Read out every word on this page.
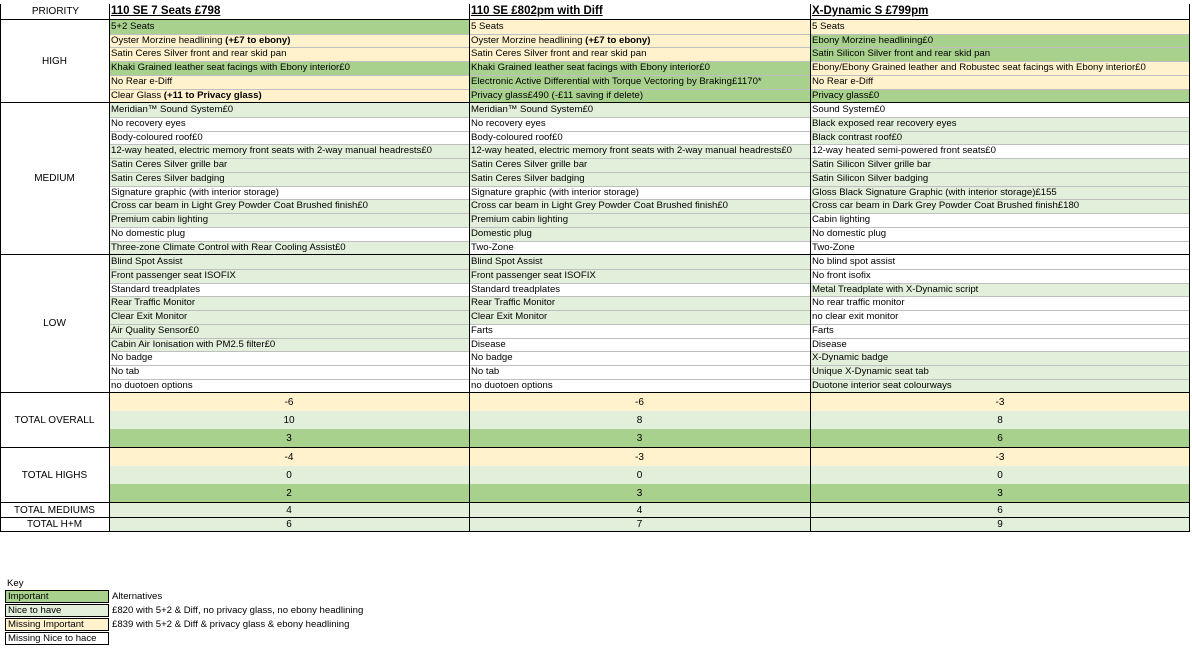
PRIORITY	110 SE 7 Seats £798	110 SE £802pm with Diff	X-Dynamic S £799pm
5+2 Seats	5 Seats	5 Seats
Oyster Morzine headlining (+£7 to ebony)	Oyster Morzine headlining (+£7 to ebony)	Ebony Morzine headlining£0
Satin Ceres Silver front and rear skid pan	Satin Ceres Silver front and rear skid pan	Satin Silicon Silver front and rear skid pan
Khaki Grained leather seat facings with Ebony interior£0	Khaki Grained leather seat facings with Ebony interior£0	Ebony/Ebony Grained leather and Robustec seat facings with Ebony interior£0
No Rear e-Diff	Electronic Active Differential with Torque Vectoring by Braking£1170*	No Rear e-Diff
Clear Glass (+11 to Privacy glass)	Privacy glass£490 (-£11 saving if delete)	Privacy glass£0
HIGH
Meridian™ Sound System£0	Meridian™ Sound System£0	Sound System£0
No recovery eyes	No recovery eyes	Black exposed rear recovery eyes
Body-coloured roof£0	Body-coloured roof£0	Black contrast roof£0
12-way heated, electric memory front seats with 2-way manual headrests£0	12-way heated, electric memory front seats with 2-way manual headrests£0	12-way heated semi-powered front seats£0
Satin Ceres Silver grille bar	Satin Ceres Silver grille bar	Satin Silicon Silver grille bar
Satin Ceres Silver badging	Satin Ceres Silver badging	Satin Silicon Silver badging
Signature graphic (with interior storage)	Signature graphic (with interior storage)	Gloss Black Signature Graphic (with interior storage)£155
Cross car beam in Light Grey Powder Coat Brushed finish£0	Cross car beam in Light Grey Powder Coat Brushed finish£0	Cross car beam in Dark Grey Powder Coat Brushed finish£180
Premium cabin lighting	Premium cabin lighting	Cabin lighting
No domestic plug	Domestic plug	No domestic plug
Three-zone Climate Control with Rear Cooling Assist£0	Two-Zone	Two-Zone
MEDIUM
Blind Spot Assist	Blind Spot Assist	No blind spot assist
Front passenger seat ISOFIX	Front passenger seat ISOFIX	No front isofix
Standard treadplates	Standard treadplates	Metal Treadplate with X-Dynamic script
Rear Traffic Monitor	Rear Traffic Monitor	No rear traffic monitor
Clear Exit Monitor	Clear Exit Monitor	no clear exit monitor
Air Quality Sensor£0	Farts	Farts
Cabin Air Ionisation with PM2.5 filter£0	Disease	Disease
No badge	No badge	X-Dynamic badge
No tab	No tab	Unique X-Dynamic seat tab
no duotoen options	no duotoen options	Duotone interior seat colourways
LOW
-6	-6	-3
10	8	8
3	3	6
TOTAL OVERALL
-4	-3	-3
0	0	0
2	3	3
TOTAL HIGHS
4	4	6
TOTAL MEDIUMS
6	7	9
TOTAL H+M
Key
Important
Nice to have
Missing Important
Missing Nice to hace
Alternatives
£820 with 5+2 & Diff, no privacy glass, no ebony headlining
£839 with 5+2 & Diff & privacy glass & ebony headlining
